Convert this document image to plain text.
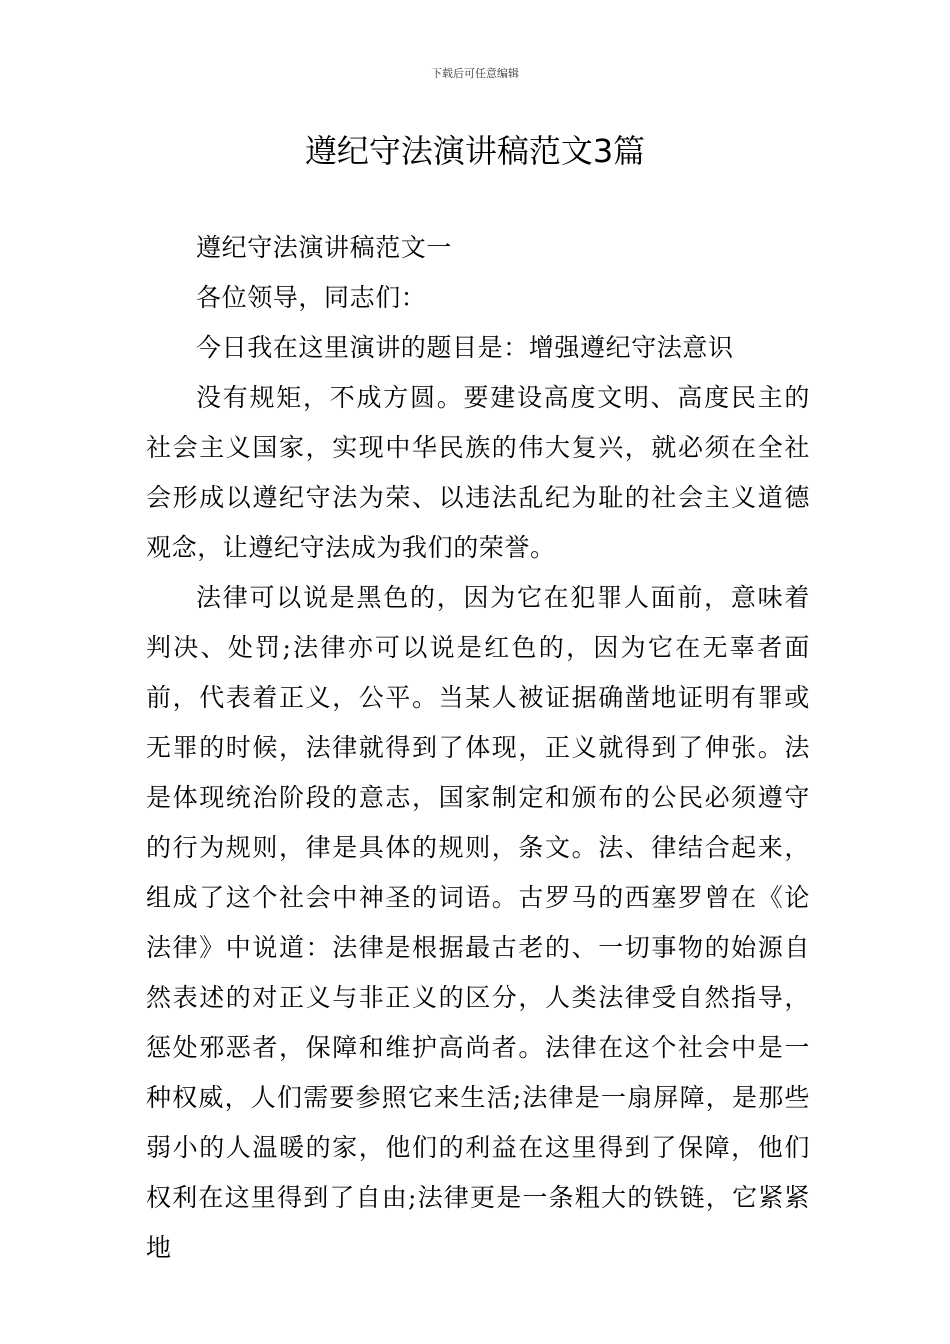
下载后可任意编辑
遵纪守法演讲稿范文3篇

遵纪守法演讲稿范文一

各位领导，同志们：

今日我在这里演讲的题目是：增强遵纪守法意识

没有规矩，不成方圆。要建设高度文明、高度民主的社会主义国家，实现中华民族的伟大复兴，就必须在全社会形成以遵纪守法为荣、以违法乱纪为耻的社会主义道德观念，让遵纪守法成为我们的荣誉。

法律可以说是黑色的，因为它在犯罪人面前，意味着判决、处罚;法律亦可以说是红色的，因为它在无辜者面前，代表着正义，公平。当某人被证据确凿地证明有罪或无罪的时候，法律就得到了体现，正义就得到了伸张。法是体现统治阶段的意志，国家制定和颁布的公民必须遵守的行为规则，律是具体的规则，条文。法、律结合起来，组成了这个社会中神圣的词语。古罗马的西塞罗曾在《论法律》中说道：法律是根据最古老的、一切事物的始源自然表述的对正义与非正义的区分，人类法律受自然指导，惩处邪恶者，保障和维护高尚者。法律在这个社会中是一种权威，人们需要参照它来生活;法律是一扇屏障，是那些弱小的人温暖的家，他们的利益在这里得到了保障，他们权利在这里得到了自由;法律更是一条粗大的铁链，它紧紧地
